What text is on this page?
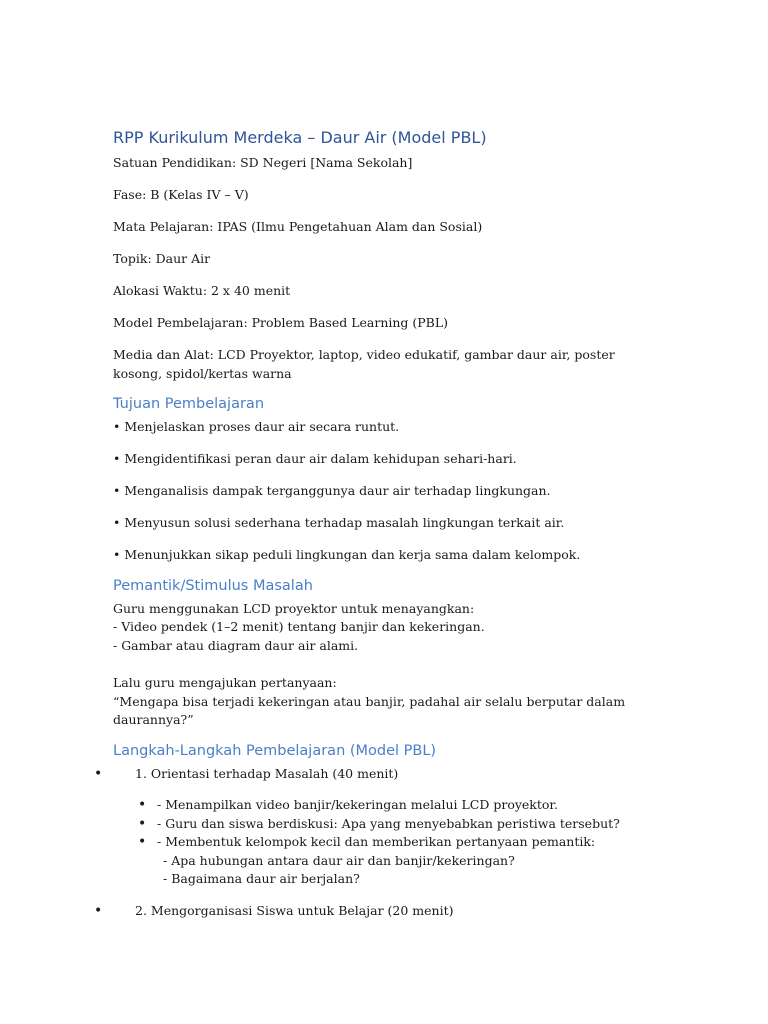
RPP Kurikulum Merdeka – Daur Air (Model PBL)
Satuan Pendidikan: SD Negeri [Nama Sekolah]
Fase: B (Kelas IV – V)
Mata Pelajaran: IPAS (Ilmu Pengetahuan Alam dan Sosial)
Topik: Daur Air
Alokasi Waktu: 2 x 40 menit
Model Pembelajaran: Problem Based Learning (PBL)
Media dan Alat: LCD Proyektor, laptop, video edukatif, gambar daur air, poster kosong, spidol/kertas warna
Tujuan Pembelajaran
• Menjelaskan proses daur air secara runtut.
• Mengidentifikasi peran daur air dalam kehidupan sehari-hari.
• Menganalisis dampak terganggunya daur air terhadap lingkungan.
• Menyusun solusi sederhana terhadap masalah lingkungan terkait air.
• Menunjukkan sikap peduli lingkungan dan kerja sama dalam kelompok.
Pemantik/Stimulus Masalah
Guru menggunakan LCD proyektor untuk menayangkan:
- Video pendek (1–2 menit) tentang banjir dan kekeringan.
- Gambar atau diagram daur air alami.
Lalu guru mengajukan pertanyaan:
“Mengapa bisa terjadi kekeringan atau banjir, padahal air selalu berputar dalam daurannya?”
Langkah-Langkah Pembelajaran (Model PBL)
•	1. Orientasi terhadap Masalah (40 menit)
• - Menampilkan video banjir/kekeringan melalui LCD proyektor.
• - Guru dan siswa berdiskusi: Apa yang menyebabkan peristiwa tersebut?
• - Membentuk kelompok kecil dan memberikan pertanyaan pemantik:
- Apa hubungan antara daur air dan banjir/kekeringan?
- Bagaimana daur air berjalan?
•	2. Mengorganisasi Siswa untuk Belajar (20 menit)
